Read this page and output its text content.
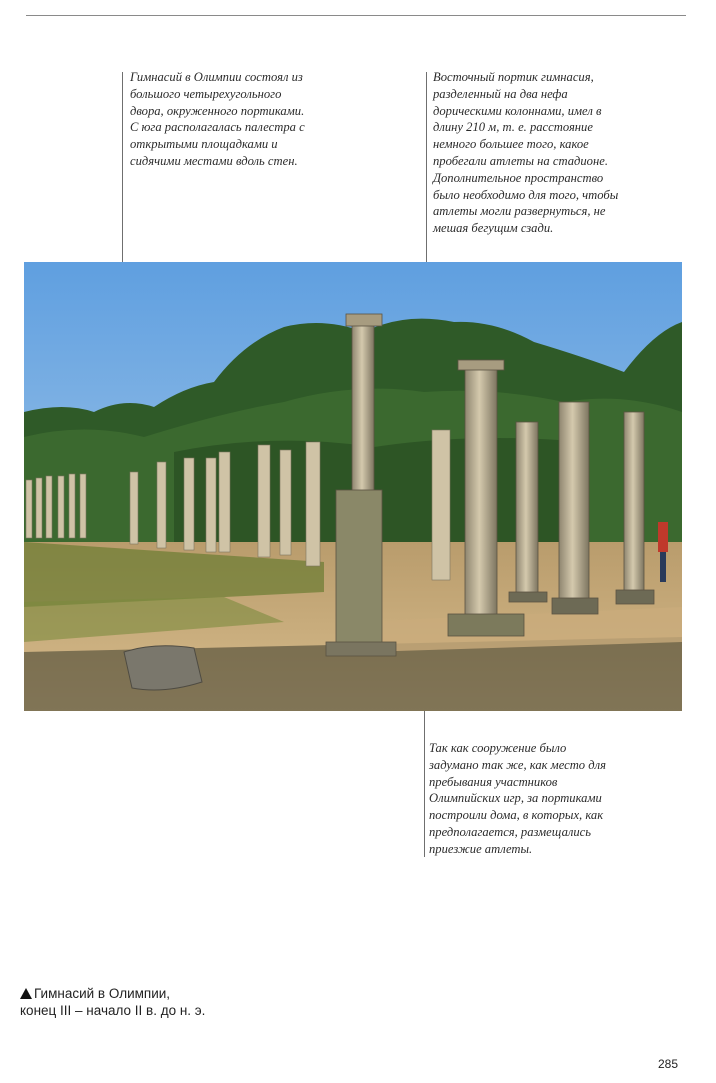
Гимнасий в Олимпии состоял из
большого четырехугольного
двора, окруженного портиками.
С юга располагалась палестра с
открытыми площадками и
сидячими местами вдоль стен.

Восточный портик гимнасия,
разделенный на два нефа
дорическими колоннами, имел в
длину 210 м, т. е. расстояние
немного большее того, какое
пробегали атлеты на стадионе.
Дополнительное пространство
было необходимо для того, чтобы
атлеты могли развернуться, не
мешая бегущим сзади.

Так как сооружение было
задумано так же, как место для
пребывания участников
Олимпийских игр, за портиками
построили дома, в которых, как
предполагается, размещались
приезжие атлеты.

Гимнасий в Олимпии,
конец III – начало II в. до н. э.
285
